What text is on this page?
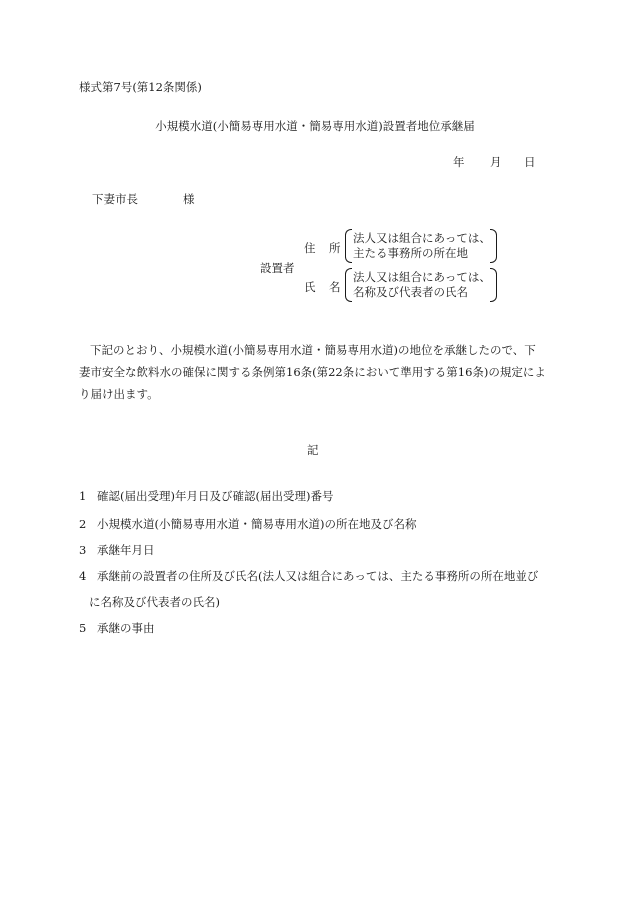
様式第7号(第12条関係)
小規模水道(小簡易専用水道・簡易専用水道)設置者地位承継届
年 月 日
下妻市長	様
設置者
住 所
法人又は組合にあっては、
主たる事務所の所在地
氏 名
法人又は組合にあっては、
名称及び代表者の氏名
下記のとおり、小規模水道(小簡易専用水道・簡易専用水道)の地位を承継したので、下
妻市安全な飲料水の確保に関する条例第16条(第22条において準用する第16条)の規定によ
り届け出ます。
記
1 確認(届出受理)年月日及び確認(届出受理)番号
2 小規模水道(小簡易専用水道・簡易専用水道)の所在地及び名称
3 承継年月日
4 承継前の設置者の住所及び氏名(法人又は組合にあっては、主たる事務所の所在地並び
に名称及び代表者の氏名)
5 承継の事由
